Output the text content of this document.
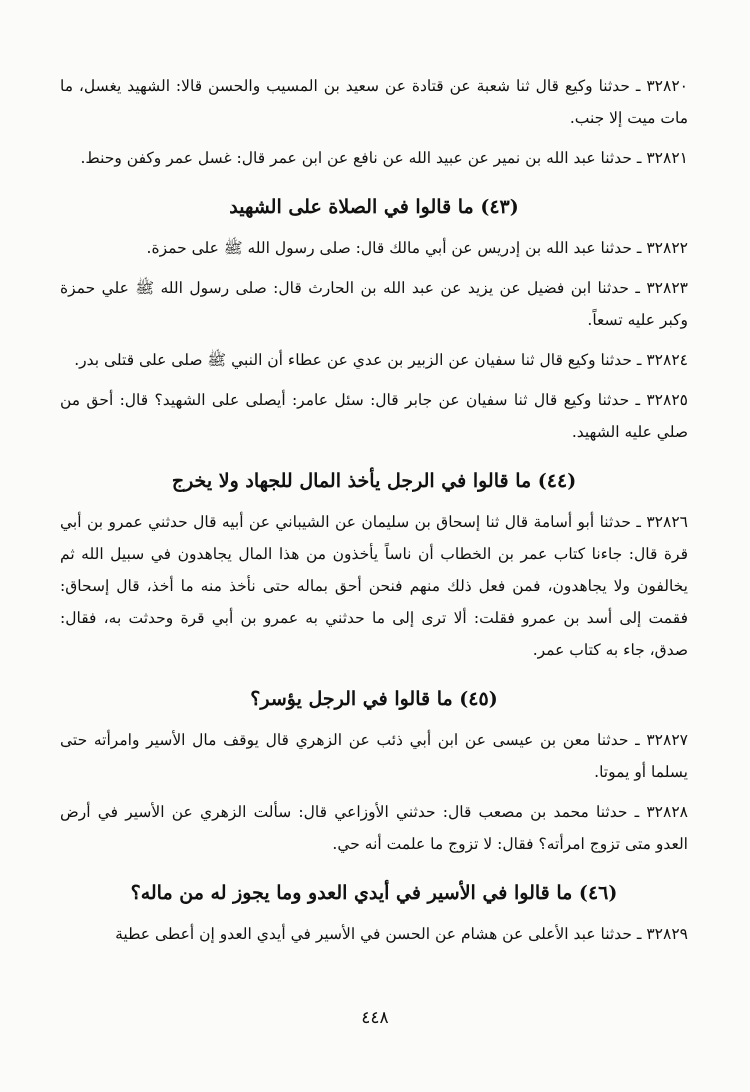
٣٢٨٢٠ ـ حدثنا وكيع قال ثنا شعبة عن قتادة عن سعيد بن المسيب والحسن قالا: الشهيد يغسل، ما مات ميت إلا جنب.

٣٢٨٢١ ـ حدثنا عبد الله بن نمير عن عبيد الله عن نافع عن ابن عمر قال: غسل عمر وكفن وحنط.

(٤٣) ما قالوا في الصلاة على الشهيد

٣٢٨٢٢ ـ حدثنا عبد الله بن إدريس عن أبي مالك قال: صلى رسول الله ﷺ على حمزة.

٣٢٨٢٣ ـ حدثنا ابن فضيل عن يزيد عن عبد الله بن الحارث قال: صلى رسول الله ﷺ علي حمزة وكبر عليه تسعاً.

٣٢٨٢٤ ـ حدثنا وكيع قال ثنا سفيان عن الزبير بن عدي عن عطاء أن النبي ﷺ صلى على قتلى بدر.

٣٢٨٢٥ ـ حدثنا وكيع قال ثنا سفيان عن جابر قال: سئل عامر: أيصلى على الشهيد؟ قال: أحق من صلي عليه الشهيد.

(٤٤) ما قالوا في الرجل يأخذ المال للجهاد ولا يخرج

٣٢٨٢٦ ـ حدثنا أبو أسامة قال ثنا إسحاق بن سليمان عن الشيباني عن أبيه قال حدثني عمرو بن أبي قرة قال: جاءنا كتاب عمر بن الخطاب أن ناساً يأخذون من هذا المال يجاهدون في سبيل الله ثم يخالفون ولا يجاهدون، فمن فعل ذلك منهم فنحن أحق بماله حتى نأخذ منه ما أخذ، قال إسحاق: فقمت إلى أسد بن عمرو فقلت: ألا ترى إلى ما حدثني به عمرو بن أبي قرة وحدثت به، فقال: صدق، جاء به كتاب عمر.

(٤٥) ما قالوا في الرجل يؤسر؟

٣٢٨٢٧ ـ حدثنا معن بن عيسى عن ابن أبي ذئب عن الزهري قال يوقف مال الأسير وامرأته حتى يسلما أو يموتا.

٣٢٨٢٨ ـ حدثنا محمد بن مصعب قال: حدثني الأوزاعي قال: سألت الزهري عن الأسير في أرض العدو متى تزوج امرأته؟ فقال: لا تزوج ما علمت أنه حي.

(٤٦) ما قالوا في الأسير في أيدي العدو وما يجوز له من ماله؟

٣٢٨٢٩ ـ حدثنا عبد الأعلى عن هشام عن الحسن في الأسير في أيدي العدو إن أعطى عطية

٤٤٨
